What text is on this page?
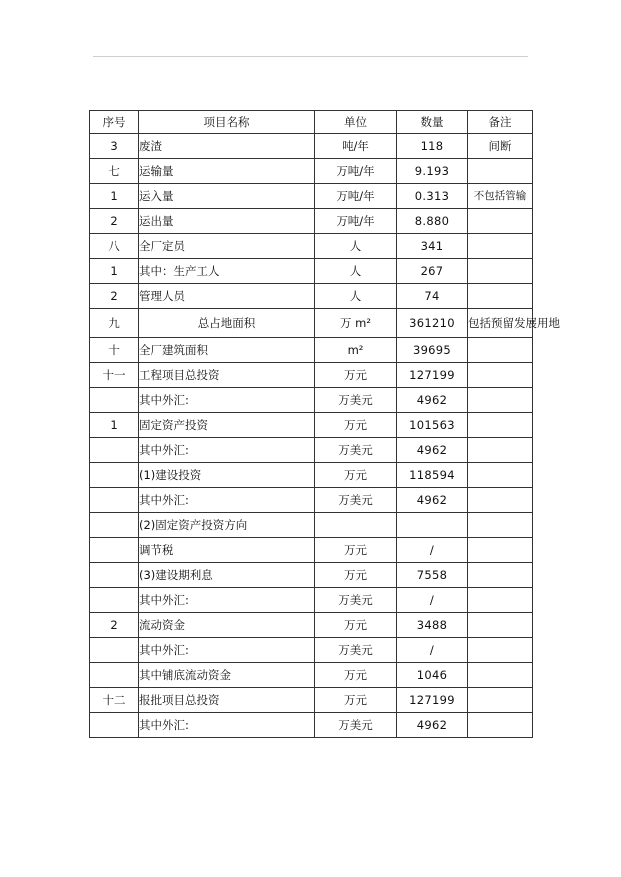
序号	项目名称	单位	数量	备注
3	废渣	吨/年	118	间断
七	运输量	万吨/年	9.193	
1	运入量	万吨/年	0.313	不包括管输
2	运出量	万吨/年	8.880	
八	全厂定员	人	341	
1	其中：生产工人	人	267	
2	管理人员	人	74	
九	总占地面积	万 m²	361210	包括预留发展用地
十	全厂建筑面积	m²	39695	
十一	工程项目总投资	万元	127199	
	其中外汇:	万美元	4962	
1	固定资产投资	万元	101563	
	其中外汇:	万美元	4962	
	(1)建设投资	万元	118594	
	其中外汇:	万美元	4962	
	(2)固定资产投资方向			
	调节税	万元	/	
	(3)建设期利息	万元	7558	
	其中外汇:	万美元	/	
2	流动资金	万元	3488	
	其中外汇:	万美元	/	
	其中铺底流动资金	万元	1046	
十二	报批项目总投资	万元	127199	
	其中外汇:	万美元	4962	
